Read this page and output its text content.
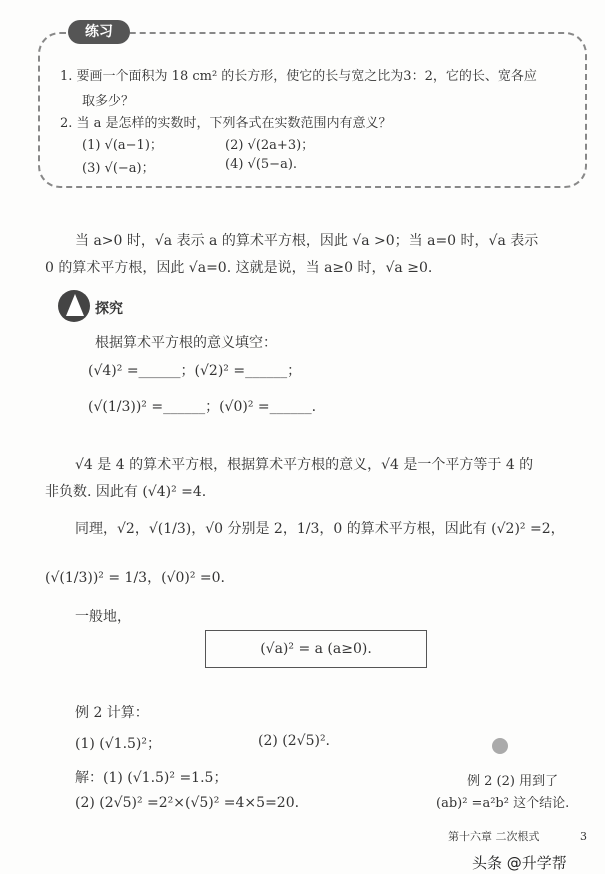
练习
1. 要画一个面积为 18 cm² 的长方形，使它的长与宽之比为3：2，它的长、宽各应
取多少？
2. 当 a 是怎样的实数时，下列各式在实数范围内有意义？
(1) √(a−1)；	(2) √(2a+3)；
(3) √(−a)；	(4) √(5−a).
当 a>0 时，√a 表示 a 的算术平方根，因此 √a >0；当 a=0 时，√a 表示
0 的算术平方根，因此 √a=0. 这就是说，当 a≥0 时，√a ≥0.
探究
根据算术平方根的意义填空：
(√4)² =______；(√2)² =______；
(√(1/3))² =______；(√0)² =______.
√4 是 4 的算术平方根，根据算术平方根的意义，√4 是一个平方等于 4 的
非负数. 因此有 (√4)² =4.
同理，√2，√(1/3)，√0 分别是 2，1/3，0 的算术平方根，因此有 (√2)² =2，
(√(1/3))² = 1/3，(√0)² =0.
一般地，
(√a)² = a (a≥0).
例 2 计算：
(1) (√1.5)²；	(2) (2√5)².
解：(1) (√1.5)² =1.5；
(2) (2√5)² =2²×(√5)² =4×5=20.
例 2 (2) 用到了
(ab)² =a²b² 这个结论.
第十六章 二次根式	3
头条 @升学帮
